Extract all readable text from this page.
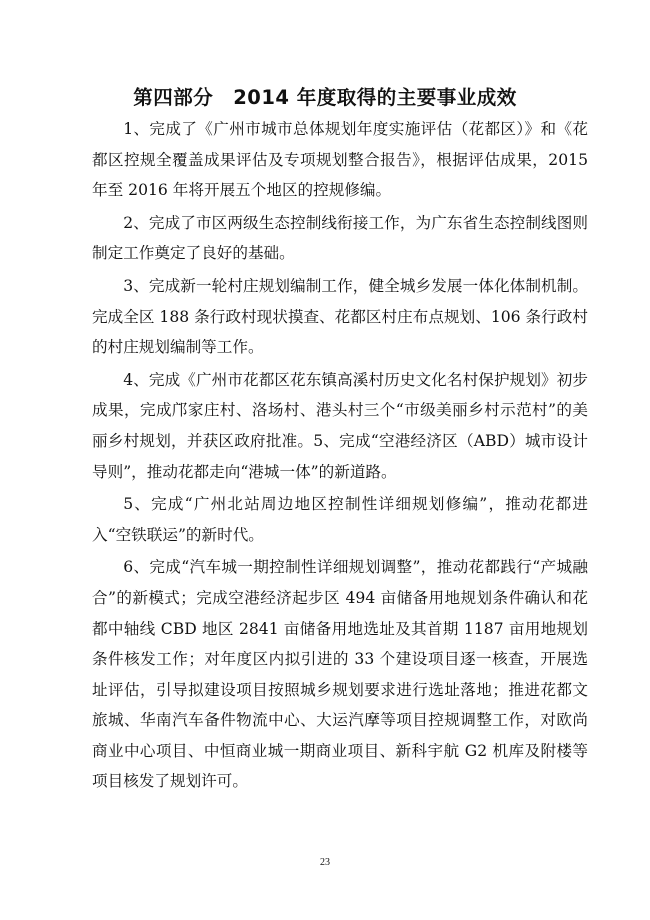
第四部分　2014 年度取得的主要事业成效

1、完成了《广州市城市总体规划年度实施评估（花都区）》和《花都区控规全覆盖成果评估及专项规划整合报告》，根据评估成果，2015 年至 2016 年将开展五个地区的控规修编。

2、完成了市区两级生态控制线衔接工作，为广东省生态控制线图则制定工作奠定了良好的基础。

3、完成新一轮村庄规划编制工作，健全城乡发展一体化体制机制。完成全区 188 条行政村现状摸查、花都区村庄布点规划、106 条行政村的村庄规划编制等工作。

4、完成《广州市花都区花东镇高溪村历史文化名村保护规划》初步成果，完成邝家庄村、洛场村、港头村三个“市级美丽乡村示范村”的美丽乡村规划，并获区政府批准。5、完成“空港经济区（ABD）城市设计导则”，推动花都走向“港城一体”的新道路。

5、完成“广州北站周边地区控制性详细规划修编”，推动花都进入“空铁联运”的新时代。

6、完成“汽车城一期控制性详细规划调整”，推动花都践行“产城融合”的新模式；完成空港经济起步区 494 亩储备用地规划条件确认和花都中轴线 CBD 地区 2841 亩储备用地选址及其首期 1187 亩用地规划条件核发工作；对年度区内拟引进的 33 个建设项目逐一核查，开展选址评估，引导拟建设项目按照城乡规划要求进行选址落地；推进花都文旅城、华南汽车备件物流中心、大运汽摩等项目控规调整工作，对欧尚商业中心项目、中恒商业城一期商业项目、新科宇航 G2 机库及附楼等项目核发了规划许可。

23
